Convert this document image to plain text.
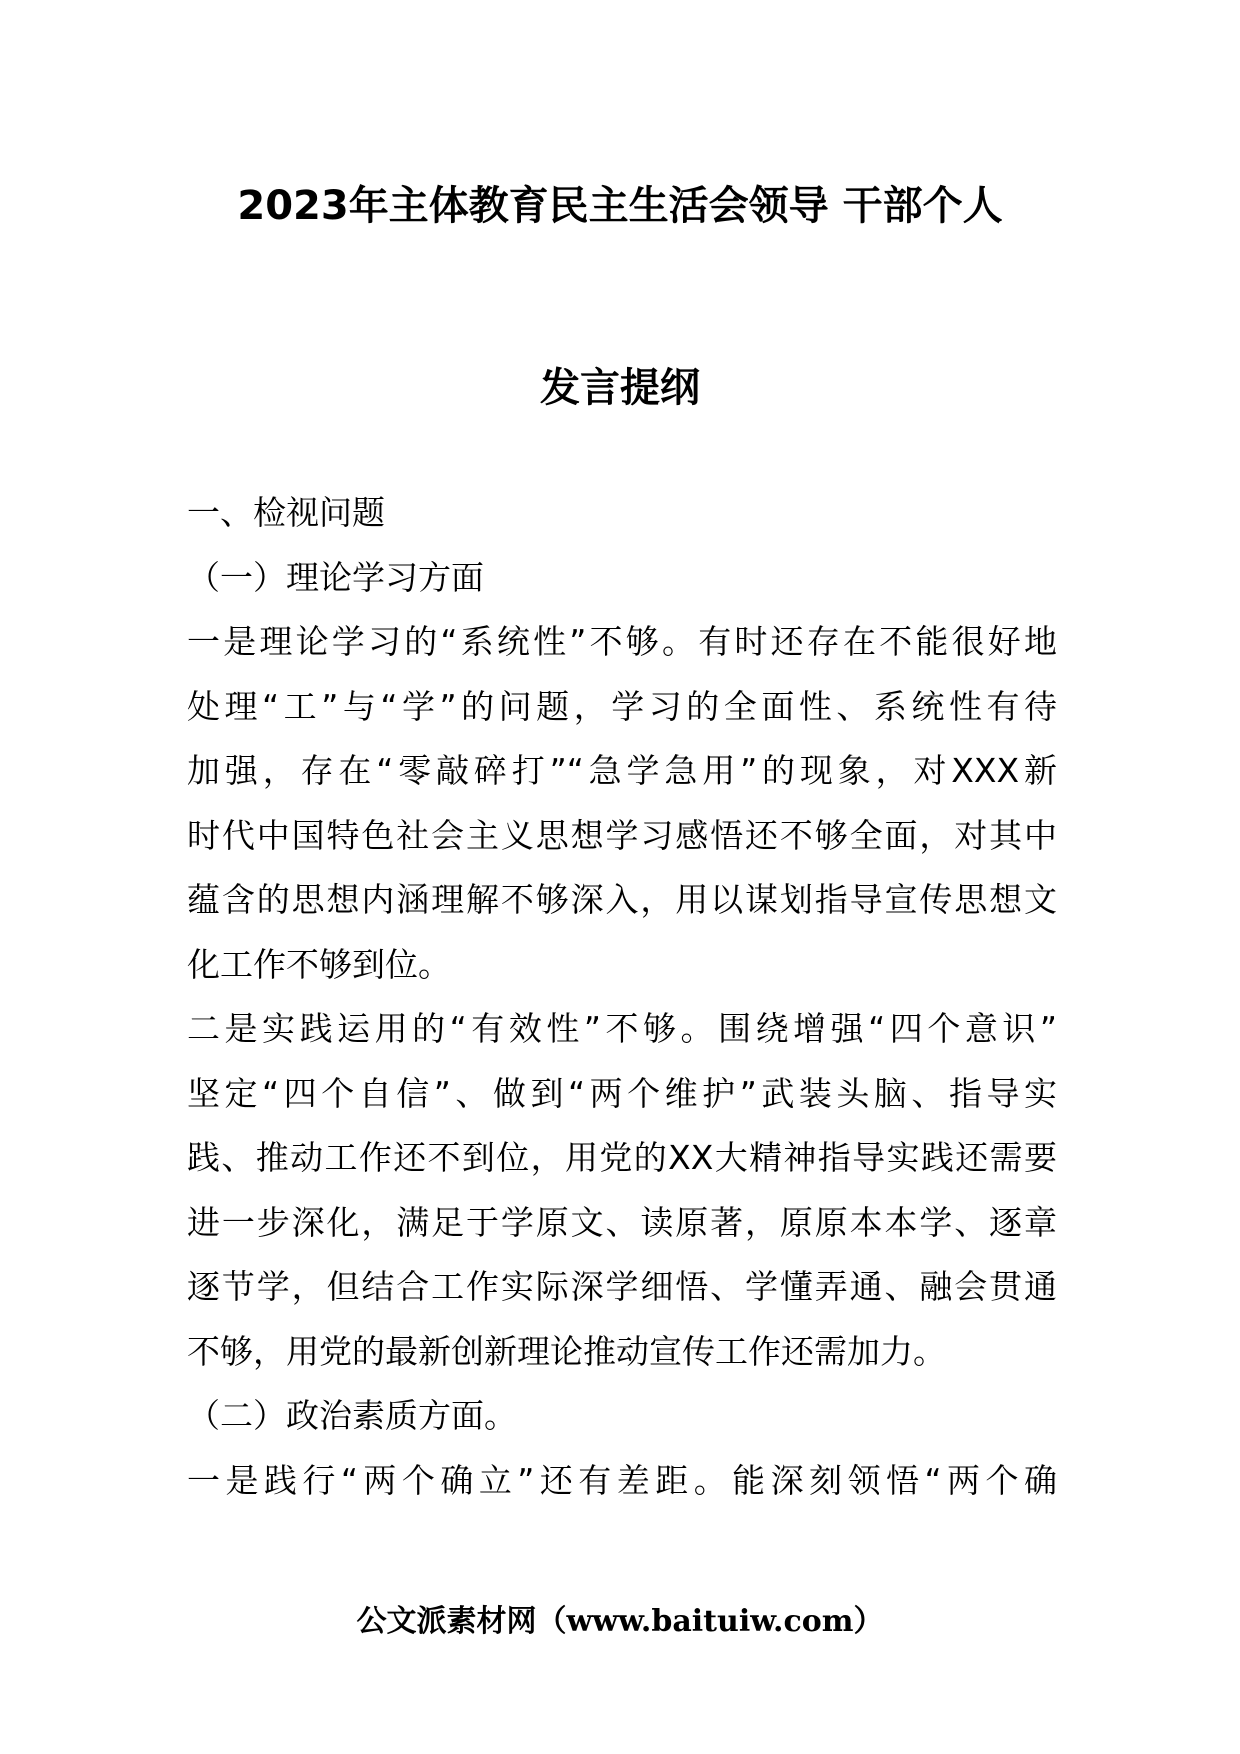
2023年主体教育民主生活会领导 干部个人
发言提纲
一、检视问题
（一）理论学习方面
一是理论学习的“系统性”不够。有时还存在不能很好地
处理“工”与“学”的问题，学习的全面性、系统性有待
加强，存在“零敲碎打”“急学急用”的现象，对XXX新
时代中国特色社会主义思想学习感悟还不够全面，对其中
蕴含的思想内涵理解不够深入，用以谋划指导宣传思想文
化工作不够到位。
二是实践运用的“有效性”不够。围绕增强“四个意识”
坚定“四个自信”、做到“两个维护”武装头脑、指导实
践、推动工作还不到位，用党的XX大精神指导实践还需要
进一步深化，满足于学原文、读原著，原原本本学、逐章
逐节学，但结合工作实际深学细悟、学懂弄通、融会贯通
不够，用党的最新创新理论推动宣传工作还需加力。
（二）政治素质方面。
一是践行“两个确立”还有差距。能深刻领悟“两个确
公文派素材网（www.baituiw.com）
